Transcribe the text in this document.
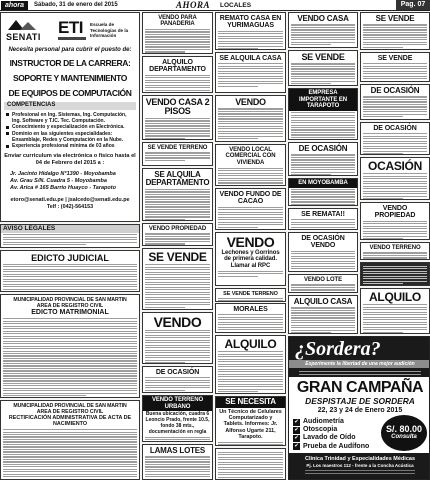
ahora	Sábado, 31 de enero del 2015	AHORA LOCALES	Pag. 07
SENATI ETI Escuela de Tecnologías de la Información
Necesita personal para cubrir el puesto de:
INSTRUCTOR DE LA CARRERA:
SOPORTE Y MANTENIMIENTO
DE EQUIPOS DE COMPUTACIÓN
COMPETENCIAS
Profesional en Ing. Sistemas, Ing. Computación, Ing. Software y T.IC. Tec. Computación.
Conocimiento y especialización en Electrónica.
Dominio en las siguientes especialidades: Ensamblaje, Redes y Computación en la Nube.
Experiencia profesional mínima de 03 años
Enviar curriculum via electrónica o físico hasta el 04 de Febrero del 2015 a :
Jr. Jacinto Hidalgo N°1390 - Moyobamba
Av. Grau S/N. Cuadra 5 - Moyobamba
Av. Arica # 165 Barrio Huayco - Tarapoto
etoro@senati.edu.pe | jsalcedo@senati.edu.pe
Telf : (042)-564153
AVISO LEGALES
EDICTO JUDICIAL
MUNICIPALIDAD PROVINCIAL DE SAN MARTIN
AREA DE REGISTRO CIVIL
EDICTO MATRIMONIAL
MUNICIPALIDAD PROVINCIAL DE SAN MARTIN
AREA DE REGISTRO CIVIL
RECTIFICACIÓN ADMINISTRATIVA DE ACTA DE NACIMIENTO
VENDO PARA PANADERIA
ALQUILO DEPARTAMENTO
VENDO CASA 2 PISOS
SE VENDE TERRENO
SE ALQUILA DEPARTAMENTO
VENDO PROPIEDAD
SE VENDE
VENDO
DE OCASIÓN
VENDO TERRENO URBANO
Buena ubicación, cuadra 6 Leoncio Prado, frente 10.5, fondo 38 mts., documentación en regla
LAMAS LOTES
REMATO CASA EN YURIMAGUAS
SE ALQUILA CASA
VENDO
VENDO LOCAL COMERCIAL CON VIVIENDA
VENDO FUNDO DE CACAO
VENDO
Lechones y Gorrinos de primera calidad.
Llamar al RPC
SE VENDE TERRENO
MORALES
ALQUILO
SE NECESITA
Un Técnico de Celulares Computarizado y Tablets. Informes: Jr. Alfonso Ugarte 211, Tarapoto.
VENDO CASA
SE VENDE
EMPRESA IMPORTANTE EN TARAPOTO
DE OCASIÓN
EN MOYOBAMBA
SE REMATA!!
DE OCASIÓN VENDO
VENDO LOTE
ALQUILO CASA
SE VENDE
SE VENDE
DE OCASIÓN
DE OCASIÓN
OCASIÓN
VENDO PROPIEDAD
VENDO TERRENO
ALQUILO
¿Sordera?
Experimente la libertad de una mejor audición
GRAN CAMPAÑA
DESPISTAJE DE SORDERA
22, 23 y 24 de Enero 2015
✔ Audiometría
✔ Otoscopia
✔ Lavado de Oído
✔ Prueba de Audífono
S/. 80.00
Consulta
Clínica Trinidad y Especialidades Médicas
Pj. Los maestros 112 - frente a la Concha Acústica
